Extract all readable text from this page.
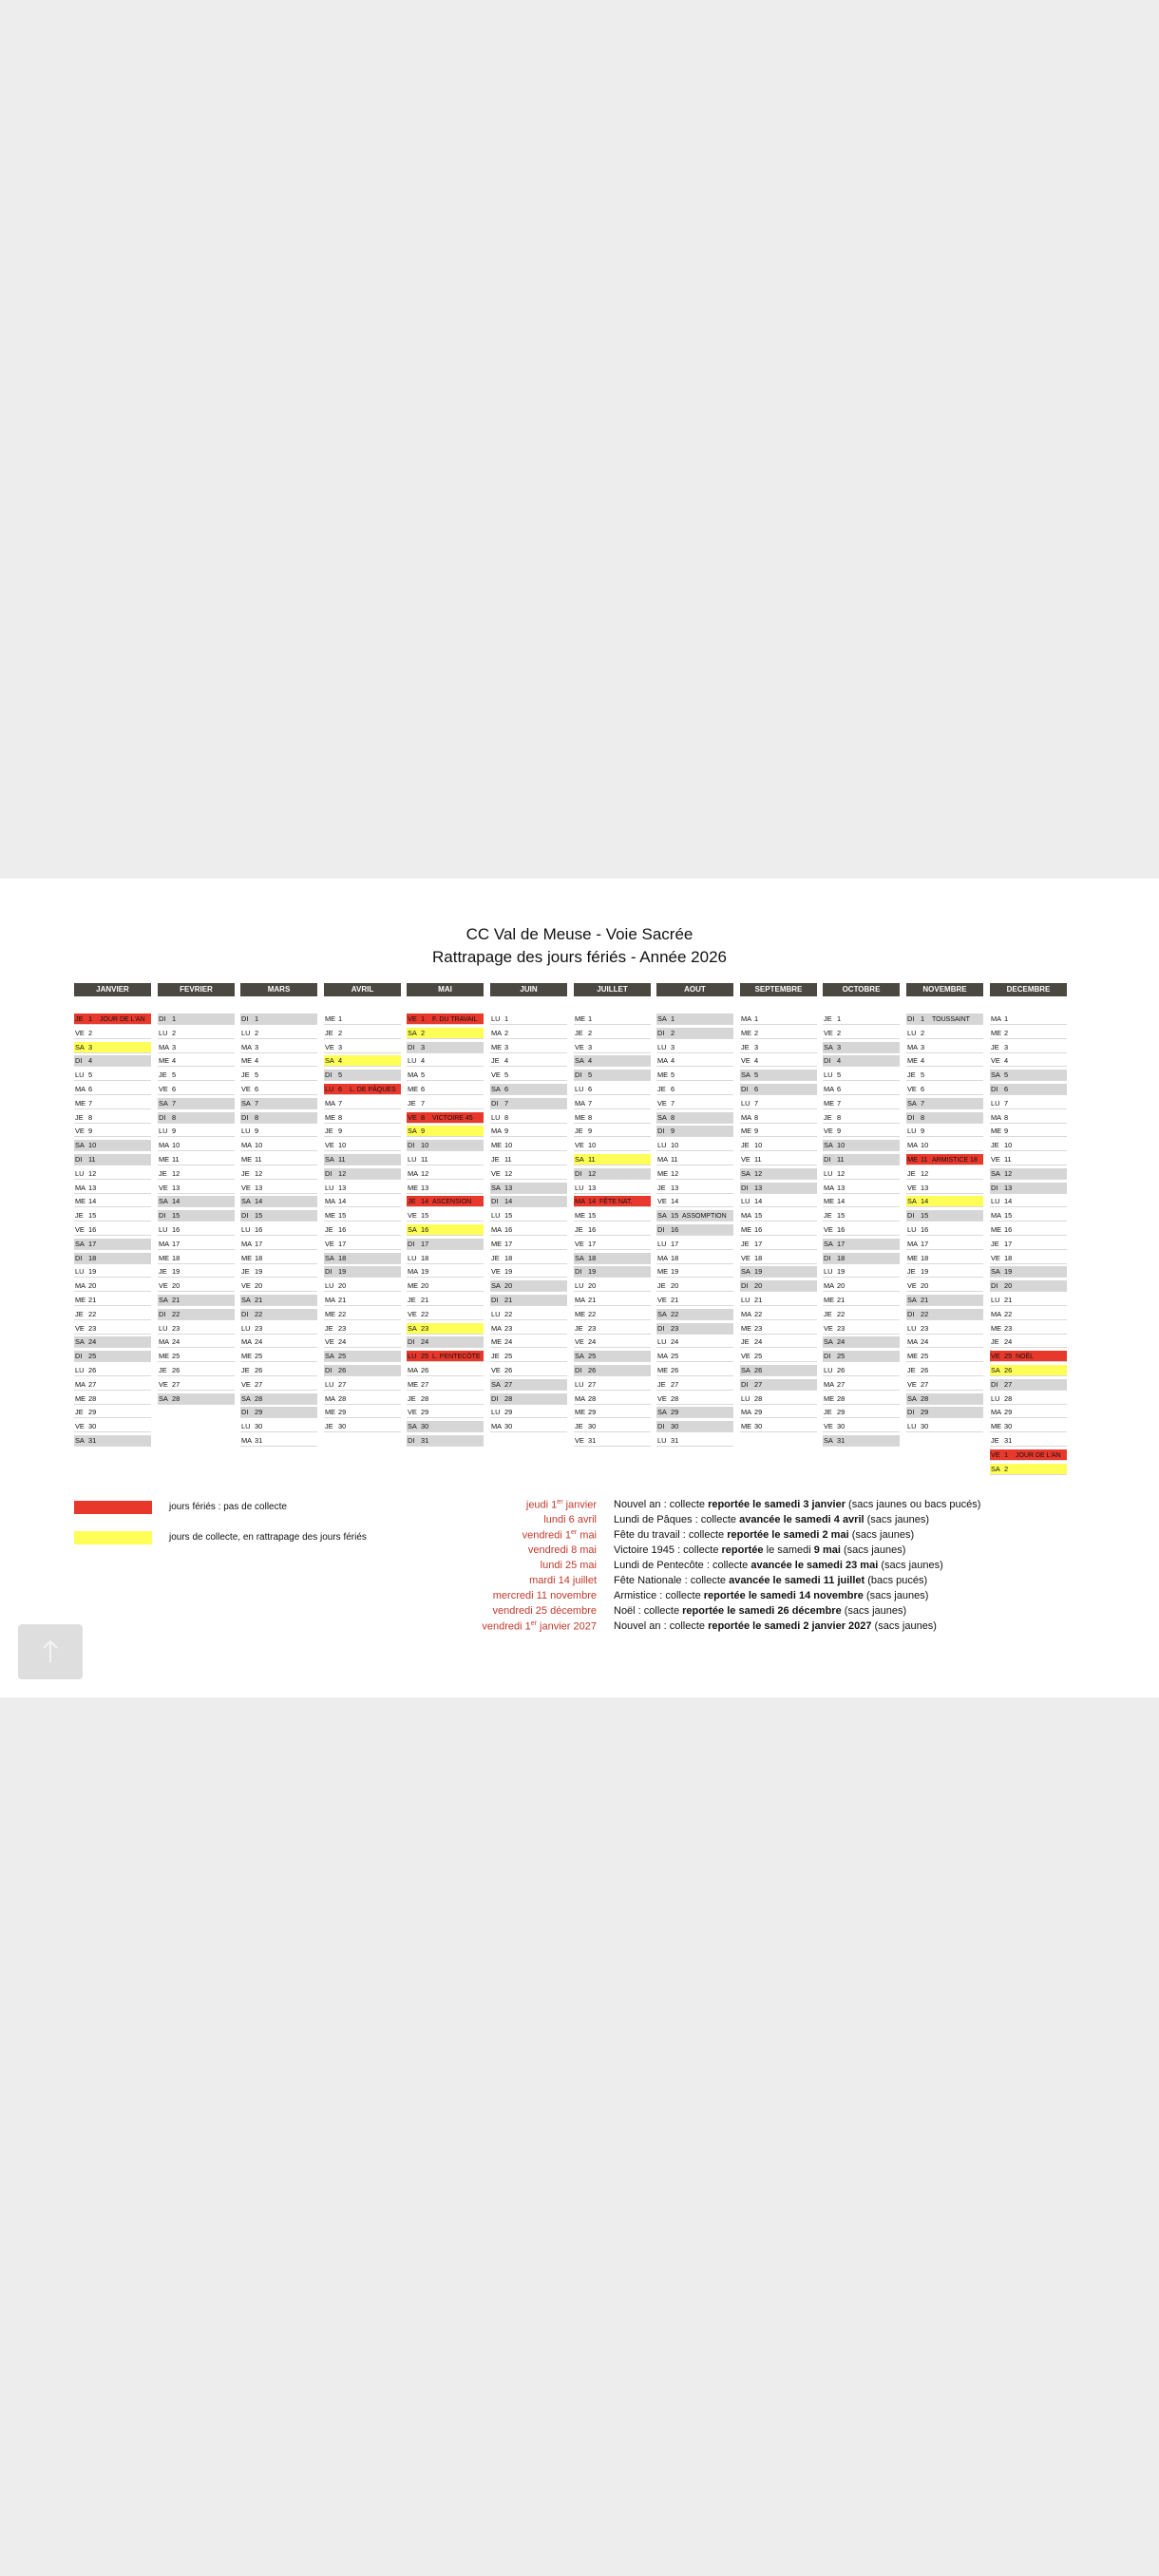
CC Val de Meuse - Voie Sacrée
Rattrapage des jours fériés - Année 2026
JANVIER
JE 1 JOUR DE L'AN
VE 2
SA 3
DI 4
LU 5
MA 6
ME 7
JE 8
VE 9
SA 10
DI 11
LU 12
MA 13
ME 14
JE 15
VE 16
SA 17
DI 18
LU 19
MA 20
ME 21
JE 22
VE 23
SA 24
DI 25
LU 26
MA 27
ME 28
JE 29
VE 30
SA 31
FEVRIER
DI 1
LU 2
MA 3
ME 4
JE 5
VE 6
SA 7
DI 8
LU 9
MA 10
ME 11
JE 12
VE 13
SA 14
DI 15
LU 16
MA 17
ME 18
JE 19
VE 20
SA 21
DI 22
LU 23
MA 24
ME 25
JE 26
VE 27
SA 28
MARS
DI 1
LU 2
MA 3
ME 4
JE 5
VE 6
SA 7
DI 8
LU 9
MA 10
ME 11
JE 12
VE 13
SA 14
DI 15
LU 16
MA 17
ME 18
JE 19
VE 20
SA 21
DI 22
LU 23
MA 24
ME 25
JE 26
VE 27
SA 28
DI 29
LU 30
MA 31
AVRIL
ME 1
JE 2
VE 3
SA 4
DI 5
LU 6 L. DE PÂQUES
MA 7
ME 8
JE 9
VE 10
SA 11
DI 12
LU 13
MA 14
ME 15
JE 16
VE 17
SA 18
DI 19
LU 20
MA 21
ME 22
JE 23
VE 24
SA 25
DI 26
LU 27
MA 28
ME 29
JE 30
MAI
VE 1 F. DU TRAVAIL
SA 2
DI 3
LU 4
MA 5
ME 6
JE 7
VE 8 VICTOIRE 45
SA 9
DI 10
LU 11
MA 12
ME 13
JE 14 ASCENSION
VE 15
SA 16
DI 17
LU 18
MA 19
ME 20
JE 21
VE 22
SA 23
DI 24
LU 25 L. PENTECÔTE
MA 26
ME 27
JE 28
VE 29
SA 30
DI 31
JUIN
LU 1
MA 2
ME 3
JE 4
VE 5
SA 6
DI 7
LU 8
MA 9
ME 10
JE 11
VE 12
SA 13
DI 14
LU 15
MA 16
ME 17
JE 18
VE 19
SA 20
DI 21
LU 22
MA 23
ME 24
JE 25
VE 26
SA 27
DI 28
LU 29
MA 30
JUILLET
ME 1
JE 2
VE 3
SA 4
DI 5
LU 6
MA 7
ME 8
JE 9
VE 10
SA 11
DI 12
LU 13
MA 14 FÊTE NAT.
ME 15
JE 16
VE 17
SA 18
DI 19
LU 20
MA 21
ME 22
JE 23
VE 24
SA 25
DI 26
LU 27
MA 28
ME 29
JE 30
VE 31
AOUT
SA 1
DI 2
LU 3
MA 4
ME 5
JE 6
VE 7
SA 8
DI 9
LU 10
MA 11
ME 12
JE 13
VE 14
SA 15 ASSOMPTION
DI 16
LU 17
MA 18
ME 19
JE 20
VE 21
SA 22
DI 23
LU 24
MA 25
ME 26
JE 27
VE 28
SA 29
DI 30
LU 31
SEPTEMBRE
MA 1
ME 2
JE 3
VE 4
SA 5
DI 6
LU 7
MA 8
ME 9
JE 10
VE 11
SA 12
DI 13
LU 14
MA 15
ME 16
JE 17
VE 18
SA 19
DI 20
LU 21
MA 22
ME 23
JE 24
VE 25
SA 26
DI 27
LU 28
MA 29
ME 30
OCTOBRE
JE 1
VE 2
SA 3
DI 4
LU 5
MA 6
ME 7
JE 8
VE 9
SA 10
DI 11
LU 12
MA 13
ME 14
JE 15
VE 16
SA 17
DI 18
LU 19
MA 20
ME 21
JE 22
VE 23
SA 24
DI 25
LU 26
MA 27
ME 28
JE 29
VE 30
SA 31
NOVEMBRE
DI 1 TOUSSAINT
LU 2
MA 3
ME 4
JE 5
VE 6
SA 7
DI 8
LU 9
MA 10
ME 11 ARMISTICE 18
JE 12
VE 13
SA 14
DI 15
LU 16
MA 17
ME 18
JE 19
VE 20
SA 21
DI 22
LU 23
MA 24
ME 25
JE 26
VE 27
SA 28
DI 29
LU 30
DECEMBRE
MA 1
ME 2
JE 3
VE 4
SA 5
DI 6
LU 7
MA 8
ME 9
JE 10
VE 11
SA 12
DI 13
LU 14
MA 15
ME 16
JE 17
VE 18
SA 19
DI 20
LU 21
MA 22
ME 23
JE 24
VE 25 NOËL
SA 26
DI 27
LU 28
MA 29
ME 30
JE 31
VE 1 JOUR DE L'AN
SA 2
jours fériés : pas de collecte
jours de collecte, en rattrapage des jours fériés
jeudi 1er janvier Nouvel an : collecte reportée le samedi 3 janvier (sacs jaunes ou bacs pucés)
lundi 6 avril Lundi de Pâques : collecte avancée le samedi 4 avril (sacs jaunes)
vendredi 1er mai Fête du travail : collecte reportée le samedi 2 mai (sacs jaunes)
vendredi 8 mai Victoire 1945 : collecte reportée le samedi 9 mai (sacs jaunes)
lundi 25 mai Lundi de Pentecôte : collecte avancée le samedi 23 mai (sacs jaunes)
mardi 14 juillet Fête Nationale : collecte avancée le samedi 11 juillet (bacs pucés)
mercredi 11 novembre Armistice : collecte reportée le samedi 14 novembre (sacs jaunes)
vendredi 25 décembre Noël : collecte reportée le samedi 26 décembre (sacs jaunes)
vendredi 1er janvier 2027 Nouvel an : collecte reportée le samedi 2 janvier 2027 (sacs jaunes)
